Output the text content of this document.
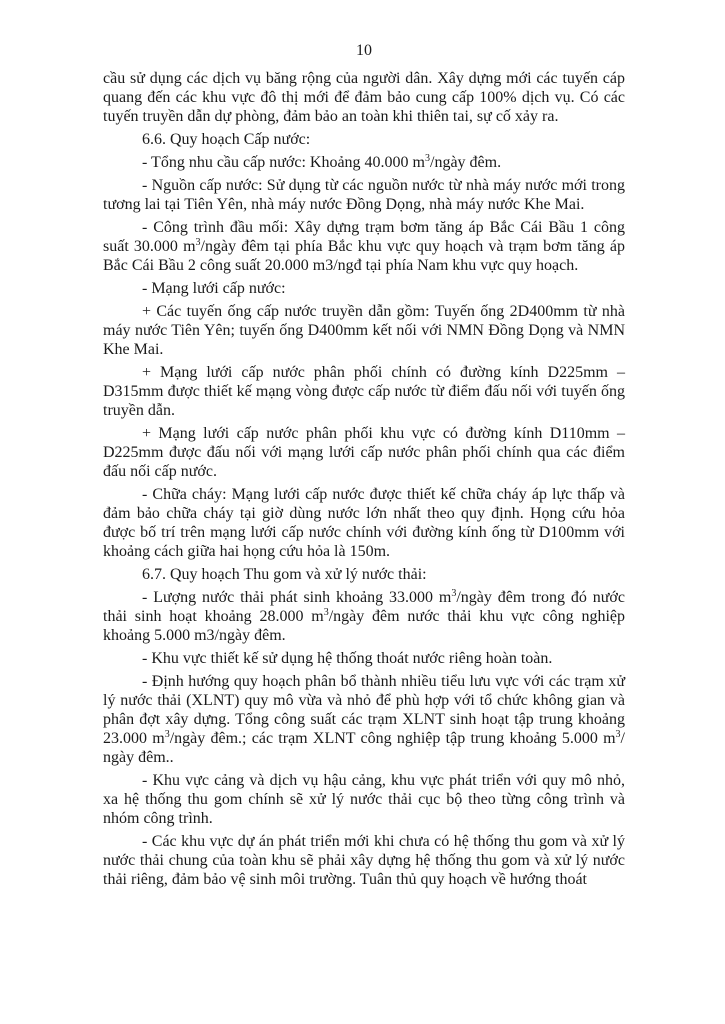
10

cầu sử dụng các dịch vụ băng rộng của người dân. Xây dựng mới các tuyến cáp quang đến các khu vực đô thị mới để đảm bảo cung cấp 100% dịch vụ. Có các tuyến truyền dẫn dự phòng, đảm bảo an toàn khi thiên tai, sự cố xảy ra.

6.6. Quy hoạch Cấp nước:

- Tổng nhu cầu cấp nước: Khoảng 40.000 $m^3$/ngày đêm.

- Nguồn cấp nước: Sử dụng từ các nguồn nước từ nhà máy nước mới trong tương lai tại Tiên Yên, nhà máy nước Đồng Dọng, nhà máy nước Khe Mai.

- Công trình đầu mối: Xây dựng trạm bơm tăng áp Bắc Cái Bầu 1 công suất 30.000 $m^3$/ngày đêm tại phía Bắc khu vực quy hoạch và trạm bơm tăng áp Bắc Cái Bầu 2 công suất 20.000 m3/ngđ tại phía Nam khu vực quy hoạch.

- Mạng lưới cấp nước:

+ Các tuyến ống cấp nước truyền dẫn gồm: Tuyến ống 2D400mm từ nhà máy nước Tiên Yên; tuyến ống D400mm kết nối với NMN Đồng Dọng và NMN Khe Mai.

+ Mạng lưới cấp nước phân phối chính có đường kính D225mm – D315mm được thiết kế mạng vòng được cấp nước từ điểm đấu nối với tuyến ống truyền dẫn.

+ Mạng lưới cấp nước phân phối khu vực có đường kính D110mm – D225mm được đấu nối với mạng lưới cấp nước phân phối chính qua các điểm đấu nối cấp nước.

- Chữa cháy: Mạng lưới cấp nước được thiết kế chữa cháy áp lực thấp và đảm bảo chữa cháy tại giờ dùng nước lớn nhất theo quy định. Họng cứu hỏa được bố trí trên mạng lưới cấp nước chính với đường kính ống từ D100mm với khoảng cách giữa hai họng cứu hỏa là 150m.

6.7. Quy hoạch Thu gom và xử lý nước thải:

- Lượng nước thải phát sinh khoảng 33.000 $m^3$/ngày đêm trong đó nước thải sinh hoạt khoảng 28.000 $m^3$/ngày đêm nước thải khu vực công nghiệp khoảng 5.000 m3/ngày đêm.

- Khu vực thiết kế sử dụng hệ thống thoát nước riêng hoàn toàn.

- Định hướng quy hoạch phân bổ thành nhiều tiểu lưu vực với các trạm xử lý nước thải (XLNT) quy mô vừa và nhỏ để phù hợp với tổ chức không gian và phân đợt xây dựng. Tổng công suất các trạm XLNT sinh hoạt tập trung khoảng 23.000 $m^3$/ngày đêm.; các trạm XLNT công nghiệp tập trung khoảng 5.000 $m^3/$ ngày đêm..

- Khu vực cảng và dịch vụ hậu cảng, khu vực phát triển với quy mô nhỏ, xa hệ thống thu gom chính sẽ xử lý nước thải cục bộ theo từng công trình và nhóm công trình.

- Các khu vực dự án phát triển mới khi chưa có hệ thống thu gom và xử lý nước thải chung của toàn khu sẽ phải xây dựng hệ thống thu gom và xử lý nước thải riêng, đảm bảo vệ sinh môi trường. Tuân thủ quy hoạch về hướng thoát
